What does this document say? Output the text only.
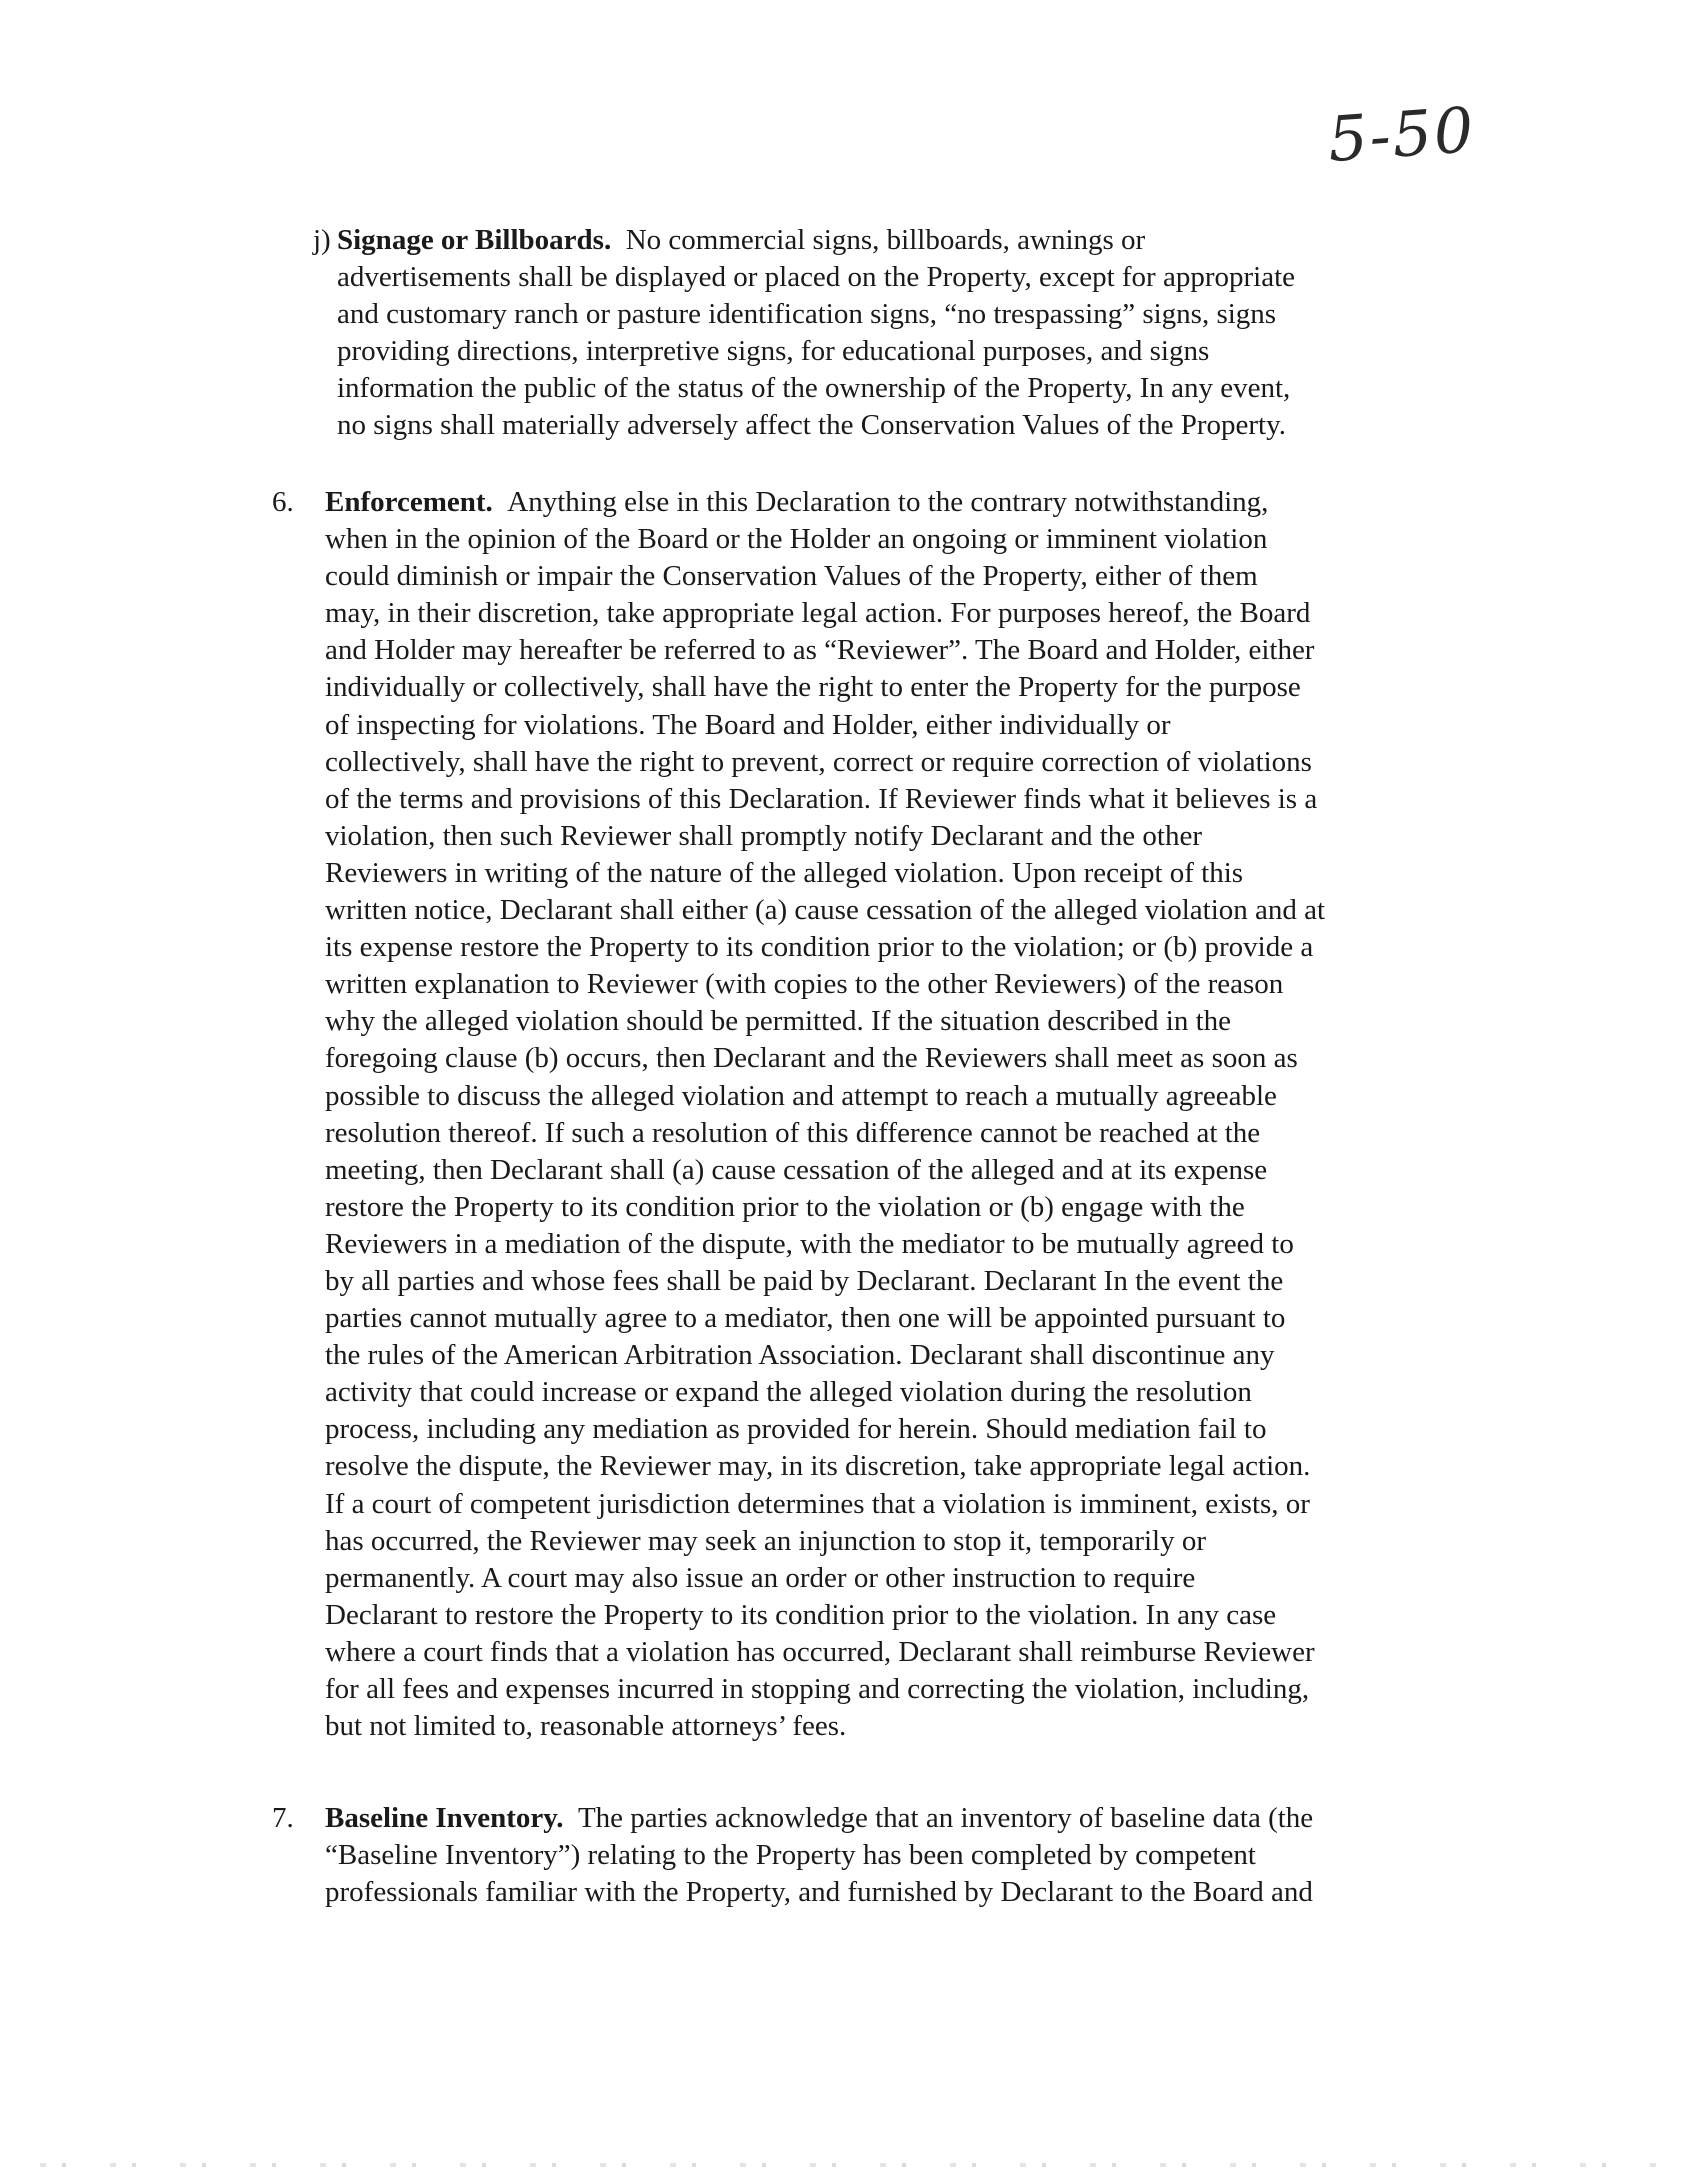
5-50
j) Signage or Billboards. No commercial signs, billboards, awnings or
advertisements shall be displayed or placed on the Property, except for appropriate
and customary ranch or pasture identification signs, “no trespassing” signs, signs
providing directions, interpretive signs, for educational purposes, and signs
information the public of the status of the ownership of the Property, In any event,
no signs shall materially adversely affect the Conservation Values of the Property.
6. Enforcement. Anything else in this Declaration to the contrary notwithstanding,
when in the opinion of the Board or the Holder an ongoing or imminent violation
could diminish or impair the Conservation Values of the Property, either of them
may, in their discretion, take appropriate legal action. For purposes hereof, the Board
and Holder may hereafter be referred to as “Reviewer”. The Board and Holder, either
individually or collectively, shall have the right to enter the Property for the purpose
of inspecting for violations. The Board and Holder, either individually or
collectively, shall have the right to prevent, correct or require correction of violations
of the terms and provisions of this Declaration. If Reviewer finds what it believes is a
violation, then such Reviewer shall promptly notify Declarant and the other
Reviewers in writing of the nature of the alleged violation. Upon receipt of this
written notice, Declarant shall either (a) cause cessation of the alleged violation and at
its expense restore the Property to its condition prior to the violation; or (b) provide a
written explanation to Reviewer (with copies to the other Reviewers) of the reason
why the alleged violation should be permitted. If the situation described in the
foregoing clause (b) occurs, then Declarant and the Reviewers shall meet as soon as
possible to discuss the alleged violation and attempt to reach a mutually agreeable
resolution thereof. If such a resolution of this difference cannot be reached at the
meeting, then Declarant shall (a) cause cessation of the alleged and at its expense
restore the Property to its condition prior to the violation or (b) engage with the
Reviewers in a mediation of the dispute, with the mediator to be mutually agreed to
by all parties and whose fees shall be paid by Declarant. Declarant In the event the
parties cannot mutually agree to a mediator, then one will be appointed pursuant to
the rules of the American Arbitration Association. Declarant shall discontinue any
activity that could increase or expand the alleged violation during the resolution
process, including any mediation as provided for herein. Should mediation fail to
resolve the dispute, the Reviewer may, in its discretion, take appropriate legal action.
If a court of competent jurisdiction determines that a violation is imminent, exists, or
has occurred, the Reviewer may seek an injunction to stop it, temporarily or
permanently. A court may also issue an order or other instruction to require
Declarant to restore the Property to its condition prior to the violation. In any case
where a court finds that a violation has occurred, Declarant shall reimburse Reviewer
for all fees and expenses incurred in stopping and correcting the violation, including,
but not limited to, reasonable attorneys’ fees.
7. Baseline Inventory. The parties acknowledge that an inventory of baseline data (the
“Baseline Inventory”) relating to the Property has been completed by competent
professionals familiar with the Property, and furnished by Declarant to the Board and
